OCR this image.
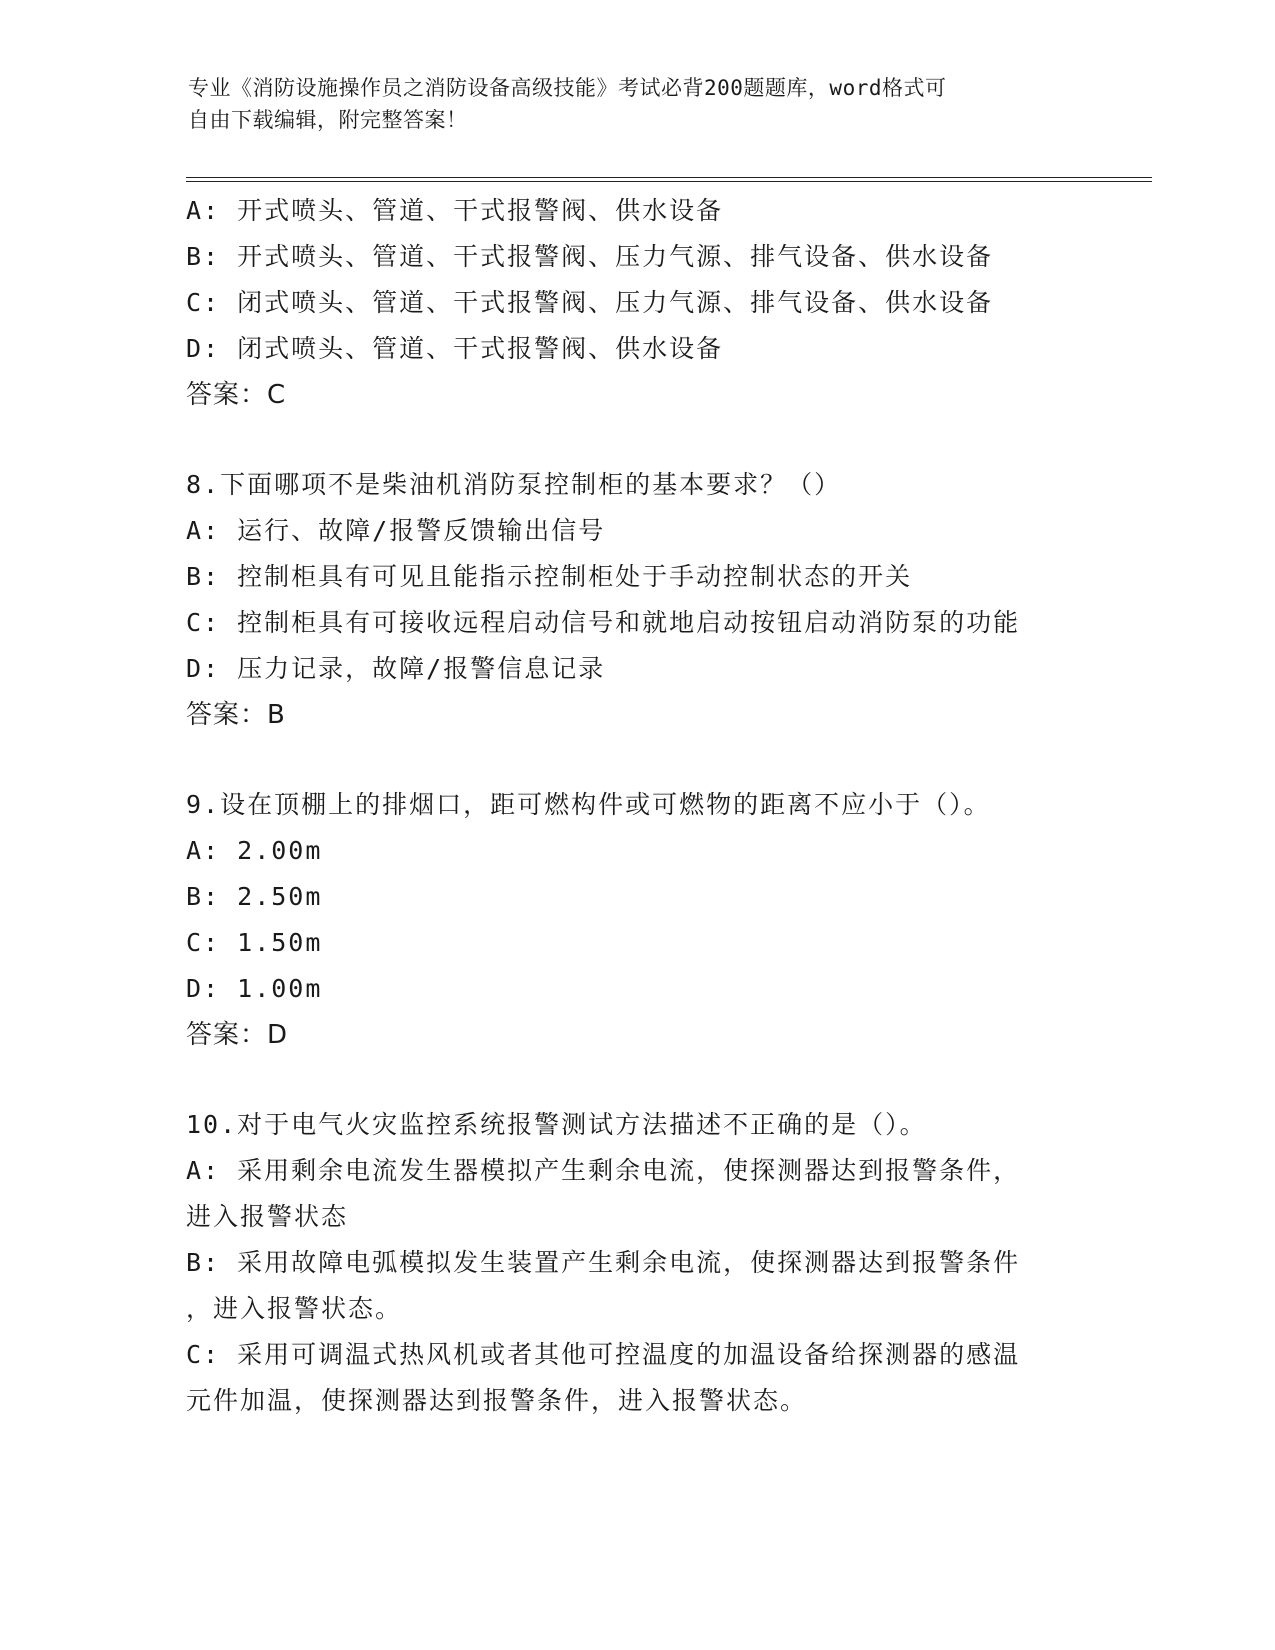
专业《消防设施操作员之消防设备高级技能》考试必背200题题库，word格式可
自由下载编辑，附完整答案！
A: 开式喷头、管道、干式报警阀、供水设备
B: 开式喷头、管道、干式报警阀、压力气源、排气设备、供水设备
C: 闭式喷头、管道、干式报警阀、压力气源、排气设备、供水设备
D: 闭式喷头、管道、干式报警阀、供水设备
答案：C
8.下面哪项不是柴油机消防泵控制柜的基本要求？（）
A: 运行、故障/报警反馈输出信号
B: 控制柜具有可见且能指示控制柜处于手动控制状态的开关
C: 控制柜具有可接收远程启动信号和就地启动按钮启动消防泵的功能
D: 压力记录，故障/报警信息记录
答案：B
9.设在顶棚上的排烟口，距可燃构件或可燃物的距离不应小于（）。
A: 2.00m
B: 2.50m
C: 1.50m
D: 1.00m
答案：D
10.对于电气火灾监控系统报警测试方法描述不正确的是（）。
A: 采用剩余电流发生器模拟产生剩余电流，使探测器达到报警条件，
进入报警状态
B: 采用故障电弧模拟发生装置产生剩余电流，使探测器达到报警条件
，进入报警状态。
C: 采用可调温式热风机或者其他可控温度的加温设备给探测器的感温
元件加温，使探测器达到报警条件，进入报警状态。
